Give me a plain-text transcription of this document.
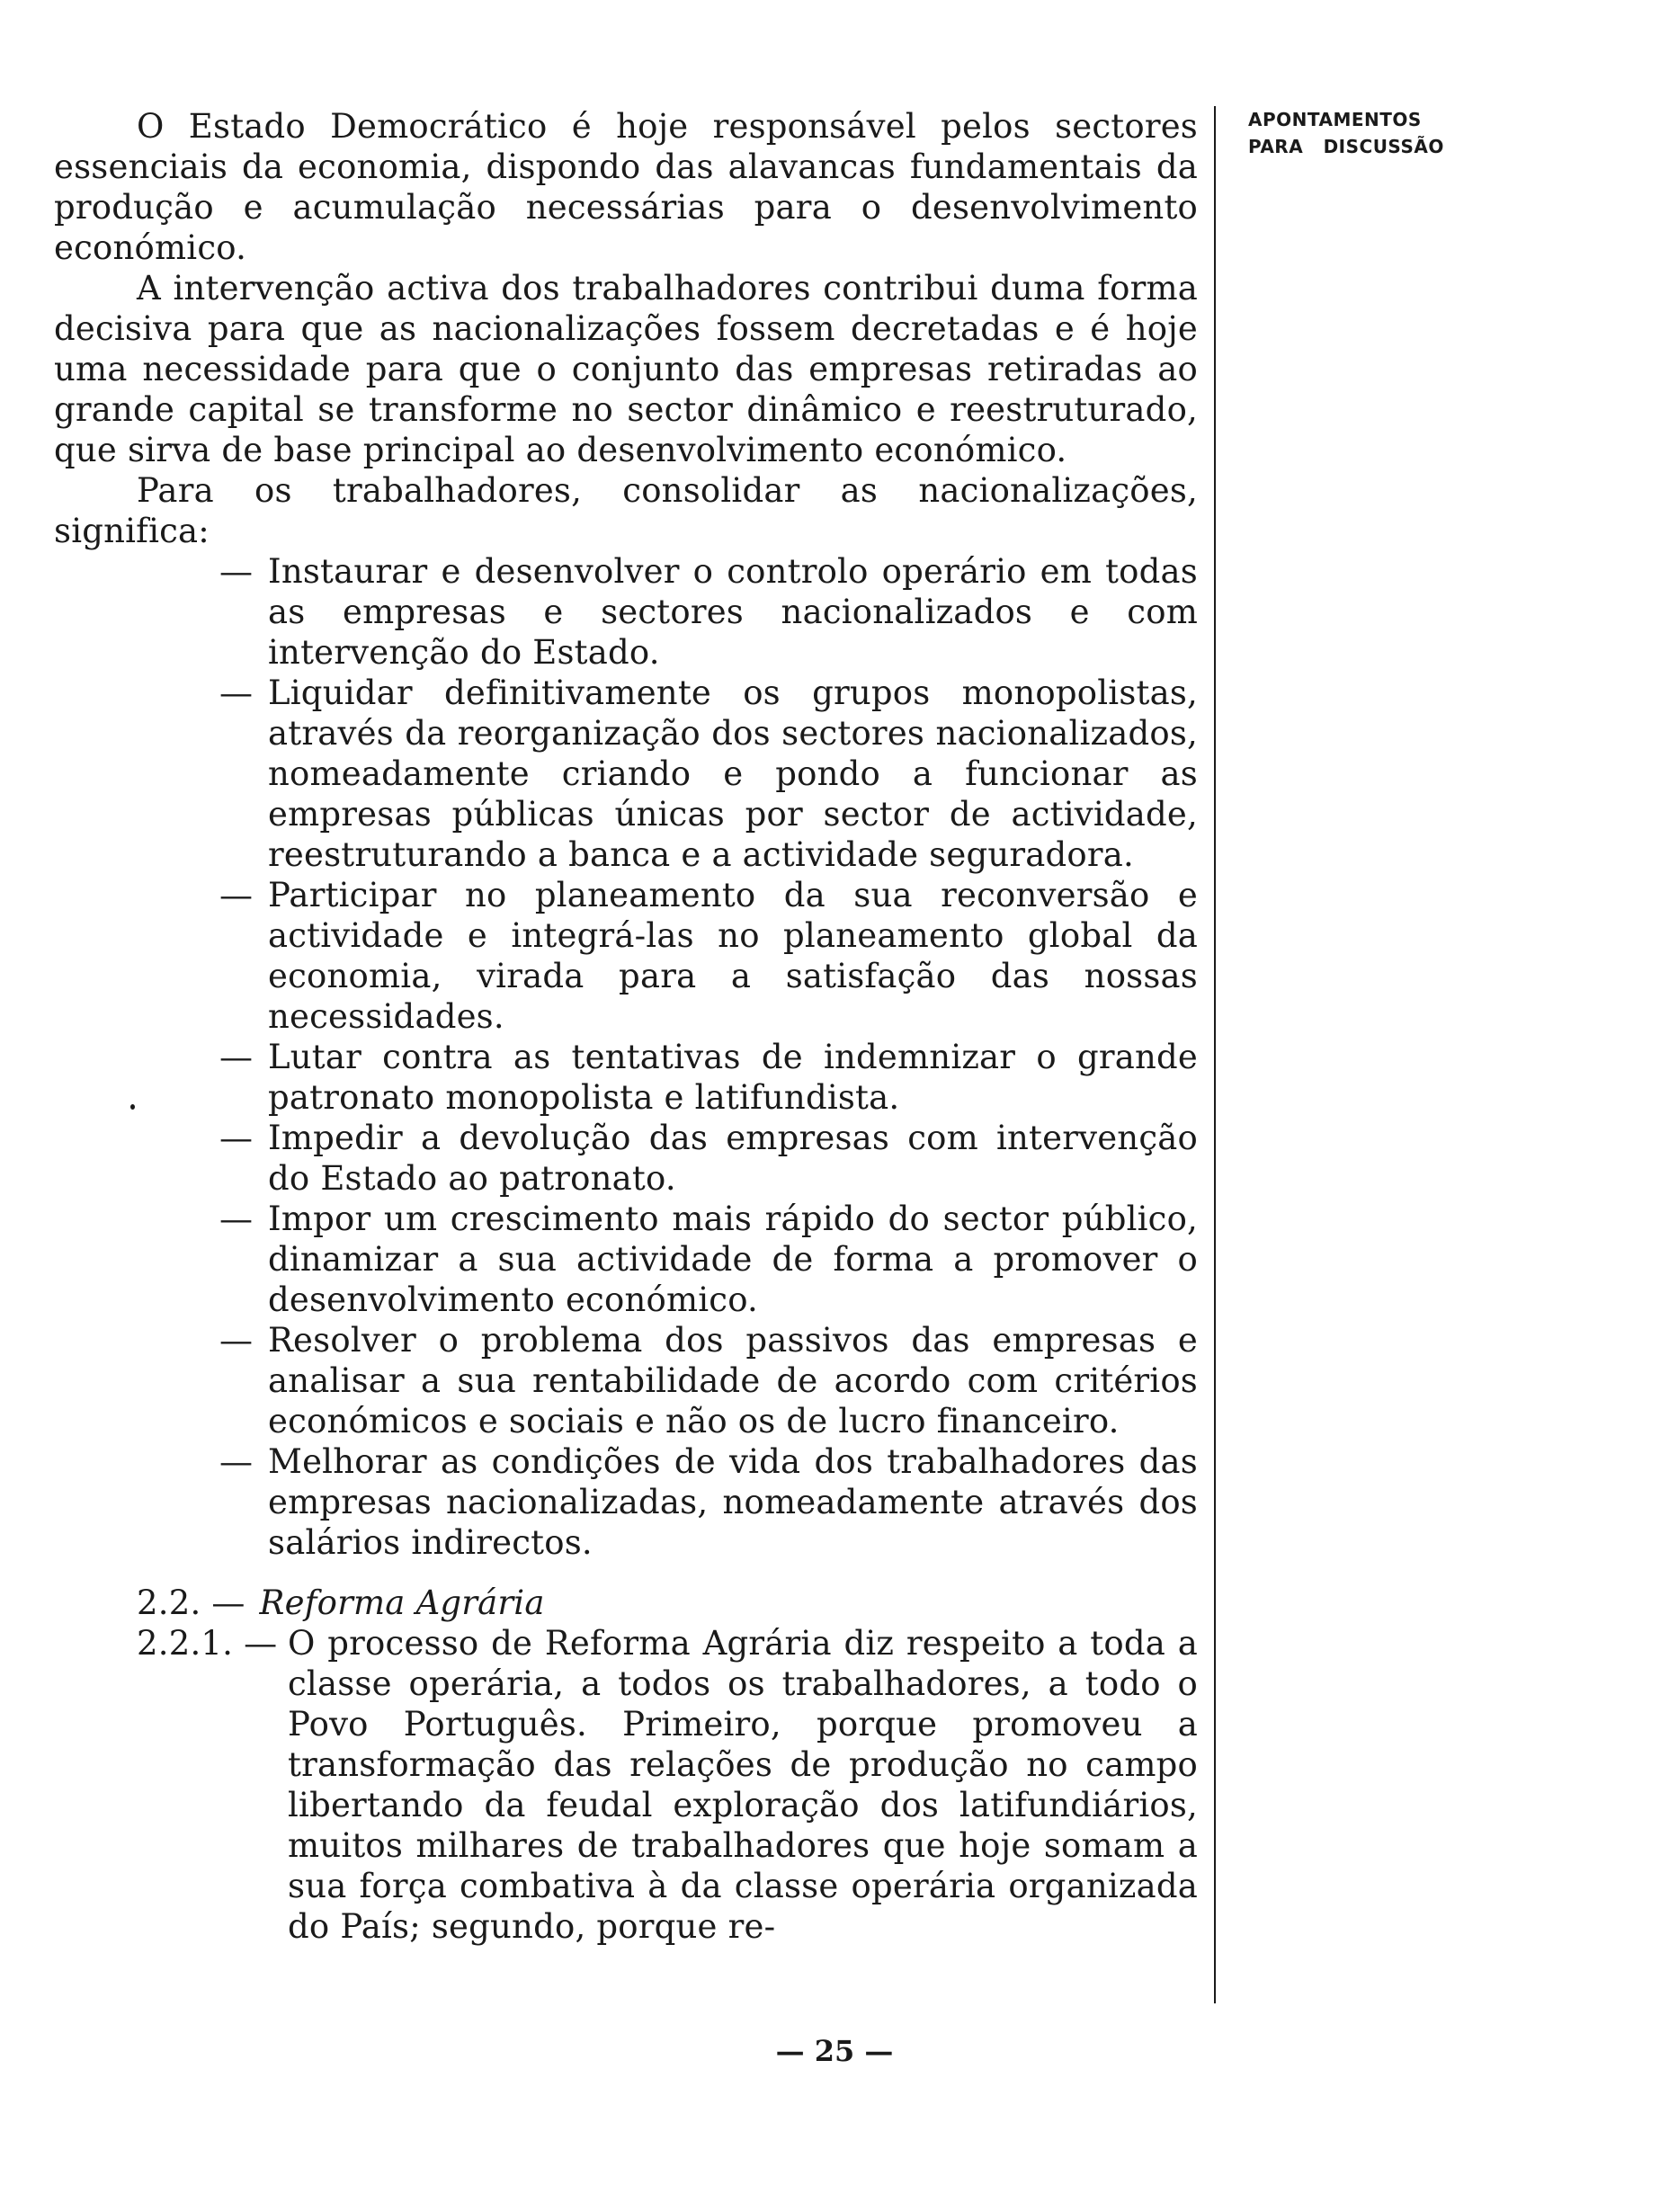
O Estado Democrático é hoje responsável pelos sectores essenciais da economia, dispondo das alavancas fundamentais da produção e acumulação necessárias para o desenvolvimento económico.

A intervenção activa dos trabalhadores contribui duma forma decisiva para que as nacionalizações fossem decretadas e é hoje uma necessidade para que o conjunto das empresas retiradas ao grande capital se transforme no sector dinâmico e reestruturado, que sirva de base principal ao desenvolvimento económico.

Para os trabalhadores, consolidar as nacionalizações, significa:

— Instaurar e desenvolver o controlo operário em todas as empresas e sectores nacionalizados e com intervenção do Estado.
— Liquidar definitivamente os grupos monopolistas, através da reorganização dos sectores nacionalizados, nomeadamente criando e pondo a funcionar as empresas públicas únicas por sector de actividade, reestruturando a banca e a actividade seguradora.
— Participar no planeamento da sua reconversão e actividade e integrá-las no planeamento global da economia, virada para a satisfação das nossas necessidades.
— Lutar contra as tentativas de indemnizar o grande patronato monopolista e latifundista.
— Impedir a devolução das empresas com intervenção do Estado ao patronato.
— Impor um crescimento mais rápido do sector público, dinamizar a sua actividade de forma a promover o desenvolvimento económico.
— Resolver o problema dos passivos das empresas e analisar a sua rentabilidade de acordo com critérios económicos e sociais e não os de lucro financeiro.
— Melhorar as condições de vida dos trabalhadores das empresas nacionalizadas, nomeadamente através dos salários indirectos.
2.2. — Reforma Agrária
2.2.1. — O processo de Reforma Agrária diz respeito a toda a classe operária, a todos os trabalhadores, a todo o Povo Português. Primeiro, porque promoveu a transformação das relações de produção no campo libertando da feudal exploração dos latifundiários, muitos milhares de trabalhadores que hoje somam a sua força combativa à da classe operária organizada do País; segundo, porque re-
APONTAMENTOS
PARA   DISCUSSÃO
— 25 —
